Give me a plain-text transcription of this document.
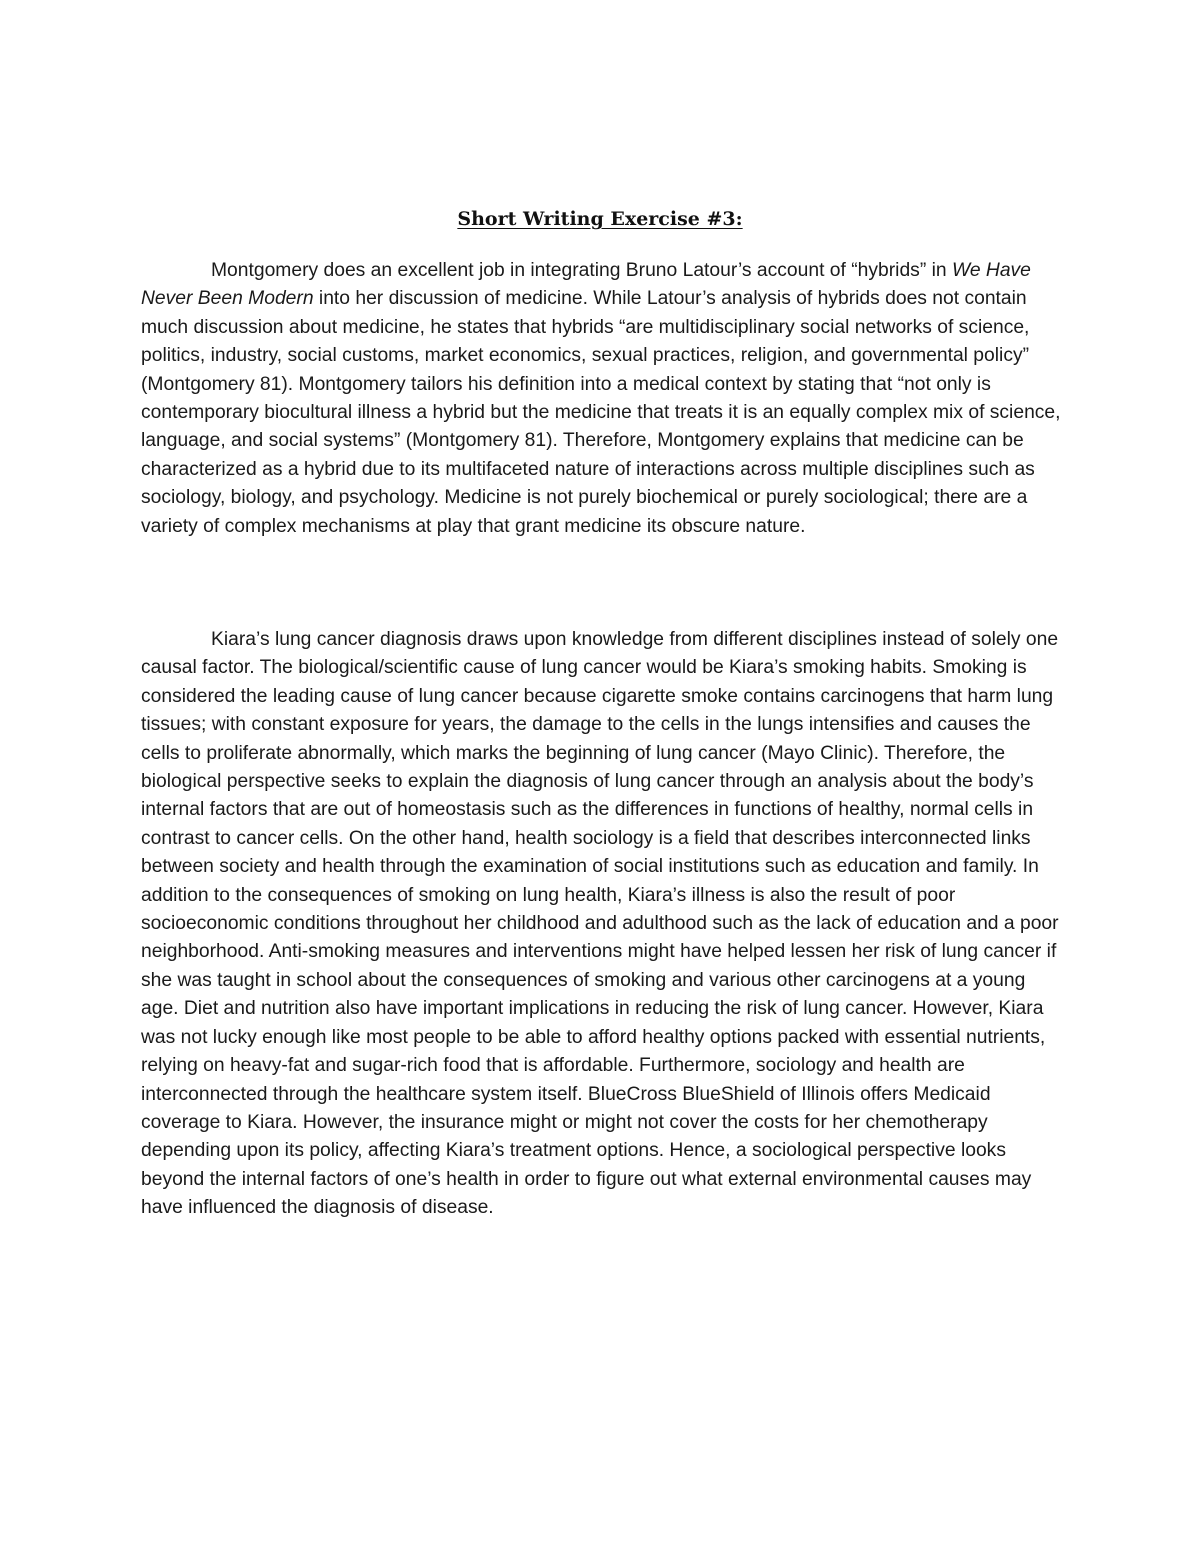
Short Writing Exercise #3:

Montgomery does an excellent job in integrating Bruno Latour’s account of “hybrids” in We Have Never Been Modern into her discussion of medicine. While Latour’s analysis of hybrids does not contain much discussion about medicine, he states that hybrids “are multidisciplinary social networks of science, politics, industry, social customs, market economics, sexual practices, religion, and governmental policy” (Montgomery 81). Montgomery tailors his definition into a medical context by stating that “not only is contemporary biocultural illness a hybrid but the medicine that treats it is an equally complex mix of science, language, and social systems” (Montgomery 81). Therefore, Montgomery explains that medicine can be characterized as a hybrid due to its multifaceted nature of interactions across multiple disciplines such as sociology, biology, and psychology. Medicine is not purely biochemical or purely sociological; there are a variety of complex mechanisms at play that grant medicine its obscure nature.

Kiara’s lung cancer diagnosis draws upon knowledge from different disciplines instead of solely one causal factor. The biological/scientific cause of lung cancer would be Kiara’s smoking habits. Smoking is considered the leading cause of lung cancer because cigarette smoke contains carcinogens that harm lung tissues; with constant exposure for years, the damage to the cells in the lungs intensifies and causes the cells to proliferate abnormally, which marks the beginning of lung cancer (Mayo Clinic). Therefore, the biological perspective seeks to explain the diagnosis of lung cancer through an analysis about the body’s internal factors that are out of homeostasis such as the differences in functions of healthy, normal cells in contrast to cancer cells. On the other hand, health sociology is a field that describes interconnected links between society and health through the examination of social institutions such as education and family. In addition to the consequences of smoking on lung health, Kiara’s illness is also the result of poor socioeconomic conditions throughout her childhood and adulthood such as the lack of education and a poor neighborhood. Anti-smoking measures and interventions might have helped lessen her risk of lung cancer if she was taught in school about the consequences of smoking and various other carcinogens at a young age. Diet and nutrition also have important implications in reducing the risk of lung cancer. However, Kiara was not lucky enough like most people to be able to afford healthy options packed with essential nutrients, relying on heavy-fat and sugar-rich food that is affordable. Furthermore, sociology and health are interconnected through the healthcare system itself. BlueCross BlueShield of Illinois offers Medicaid coverage to Kiara. However, the insurance might or might not cover the costs for her chemotherapy depending upon its policy, affecting Kiara’s treatment options. Hence, a sociological perspective looks beyond the internal factors of one’s health in order to figure out what external environmental causes may have influenced the diagnosis of disease.
